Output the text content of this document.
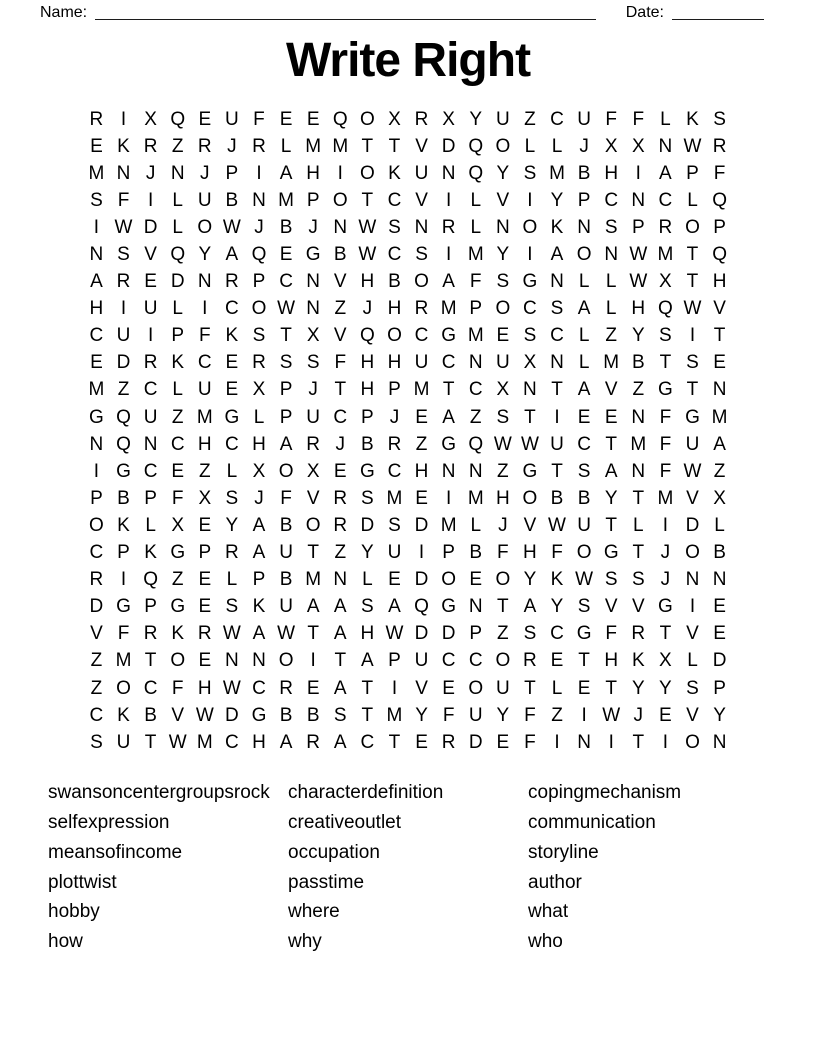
Name:	Date:
Write Right
R I X Q E U F E E Q O X R X Y U Z C U F F L K S
E K R Z R J R L M M T T V D Q O L L J X X N W R
M N J N J P I A H I O K U N Q Y S M B H I A P F
S F I	L U B N M P O T C V I	L V I Y P C N C L Q
I W D L O W J B J N W S N R L N O K N S P R O P
N S V Q Y A Q E G B W C S I M Y I A O N W M T Q
A R E D N R P C N V H B O A F S G N L L W X T H
H I U L	I C O W N Z J H R M P O C S A L H Q W V
C U I P F K S T X V Q O C G M E S C L Z Y S I T
E D R K C E R S S F H H U C N U X N L M B T S E
M Z C L U E X P J T H P M T C X N T A V Z G T N
G Q U Z M G L P U C P J E A Z S T I E E N F G M
N Q N C H C H A R J B R Z G Q W W U C T M F U A
I G C E Z L X O X E G C H N N Z G T S A N F W Z
P B P F X S J F V R S M E I M H O B B Y T M V X
O K L X E Y A B O R D S D M L J V W U T L	I D L
C P K G P R A U T Z Y U I P B F H F O G T J O B
R I Q Z E L P B M N L E D O E O Y K W S S J N N
D G P G E S K U A A S A Q G N T A Y S V V G I E
V F R K R W A W T A H W D D P Z S C G F R T V E
Z M T O E N N O I T A P U C C O R E T H K X L D
Z O C F H W C R E A T I V E O U T L E T Y Y S P
C K B V W D G B B S T M Y F U Y F Z I W J E V Y
S U T W M C H A R A C T E R D E F I N I T I O N
swansoncentergroupsrock
selfexpression
meansofincome
plottwist
hobby
how
characterdefinition
creativeoutlet
occupation
passtime
where
why
copingmechanism
communication
storyline
author
what
who
